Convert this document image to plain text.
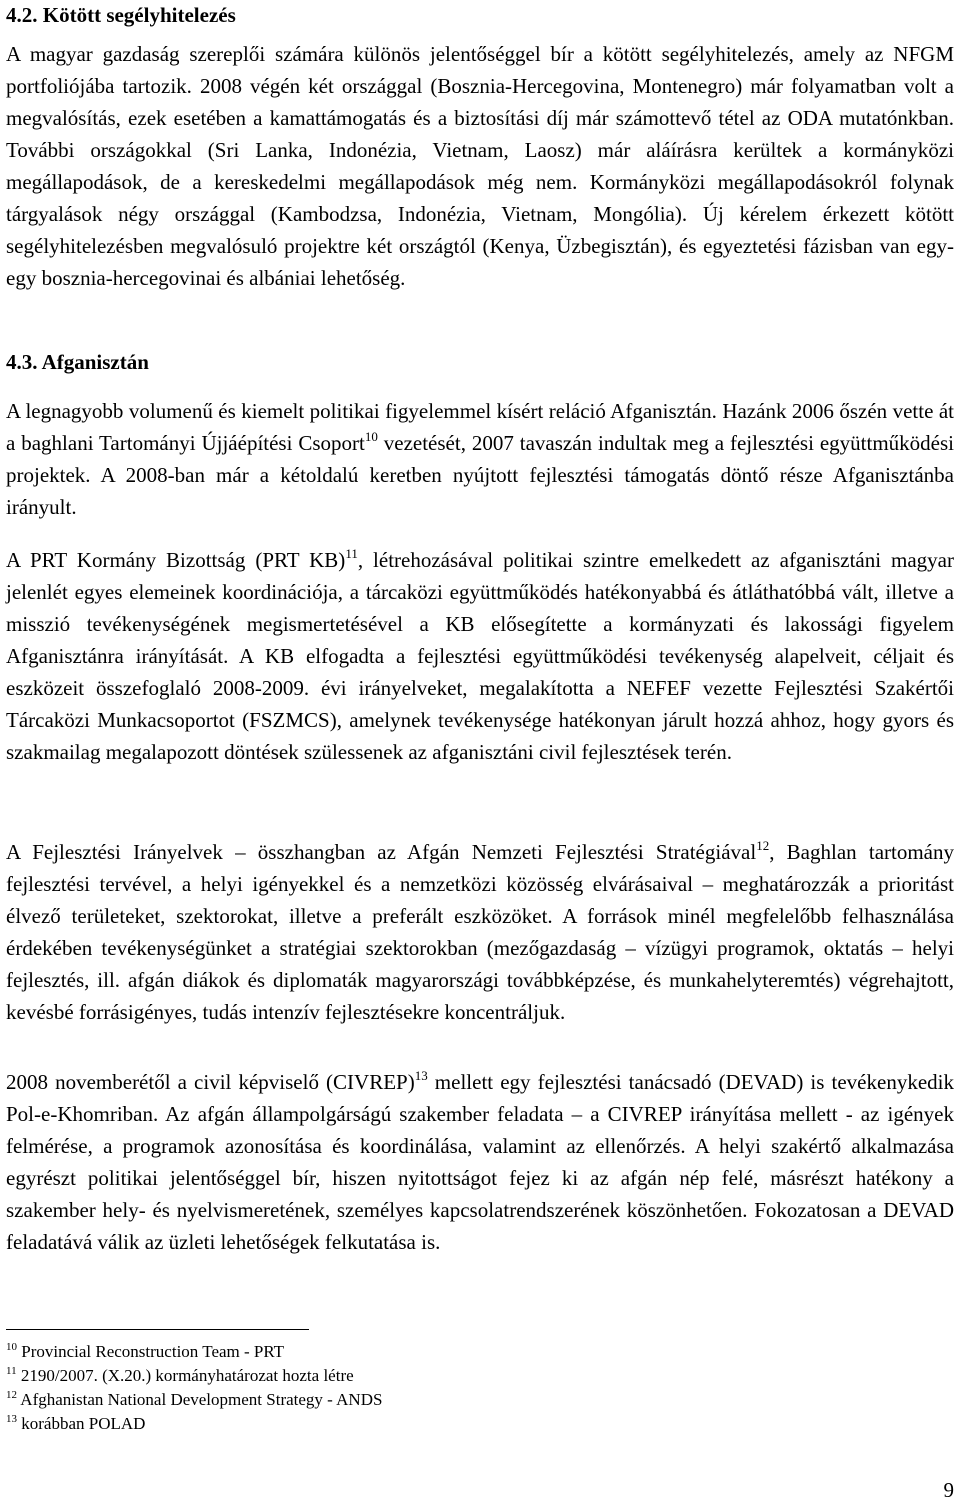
4.2. Kötött segélyhitelezés

A magyar gazdaság szereplői számára különös jelentőséggel bír a kötött segélyhitelezés, amely az NFGM portfoliójába tartozik. 2008 végén két országgal (Bosznia-Hercegovina, Montenegro) már folyamatban volt a megvalósítás, ezek esetében a kamattámogatás és a biztosítási díj már számottevő tétel az ODA mutatónkban. További országokkal (Sri Lanka, Indonézia, Vietnam, Laosz) már aláírásra kerültek a kormányközi megállapodások, de a kereskedelmi megállapodások még nem. Kormányközi megállapodásokról folynak tárgyalások négy országgal (Kambodzsa, Indonézia, Vietnam, Mongólia). Új kérelem érkezett kötött segélyhitelezésben megvalósuló projektre két országtól (Kenya, Üzbegisztán), és egyeztetési fázisban van egy-egy bosznia-hercegovinai és albániai lehetőség.

4.3. Afganisztán

A legnagyobb volumenű és kiemelt politikai figyelemmel kísért reláció Afganisztán. Hazánk 2006 őszén vette át a baghlani Tartományi Újjáépítési Csoport$^{10}$ vezetését, 2007 tavaszán indultak meg a fejlesztési együttműködési projektek. A 2008-ban már a kétoldalú keretben nyújtott fejlesztési támogatás döntő része Afganisztánba irányult.

A PRT Kormány Bizottság (PRT KB)$^{11}$, létrehozásával politikai szintre emelkedett az afganisztáni magyar jelenlét egyes elemeinek koordinációja, a tárcaközi együttműködés hatékonyabbá és átláthatóbbá vált, illetve a misszió tevékenységének megismertetésével a KB elősegítette a kormányzati és lakossági figyelem Afganisztánra irányítását. A KB elfogadta a fejlesztési együttműködési tevékenység alapelveit, céljait és eszközeit összefoglaló 2008-2009. évi irányelveket, megalakította a NEFEF vezette Fejlesztési Szakértői Tárcaközi Munkacsoportot (FSZMCS), amelynek tevékenysége hatékonyan járult hozzá ahhoz, hogy gyors és szakmailag megalapozott döntések szülessenek az afganisztáni civil fejlesztések terén.

A Fejlesztési Irányelvek – összhangban az Afgán Nemzeti Fejlesztési Stratégiával$^{12}$, Baghlan tartomány fejlesztési tervével, a helyi igényekkel és a nemzetközi közösség elvárásaival – meghatározzák a prioritást élvező területeket, szektorokat, illetve a preferált eszközöket. A források minél megfelelőbb felhasználása érdekében tevékenységünket a stratégiai szektorokban (mezőgazdaság – vízügyi programok, oktatás – helyi fejlesztés, ill. afgán diákok és diplomaták magyarországi továbbképzése, és munkahelyteremtés) végrehajtott, kevésbé forrásigényes, tudás intenzív fejlesztésekre koncentráljuk.

2008 novemberétől a civil képviselő (CIVREP)$^{13}$ mellett egy fejlesztési tanácsadó (DEVAD) is tevékenykedik Pol-e-Khomriban. Az afgán állampolgárságú szakember feladata – a CIVREP irányítása mellett - az igények felmérése, a programok azonosítása és koordinálása, valamint az ellenőrzés. A helyi szakértő alkalmazása egyrészt politikai jelentőséggel bír, hiszen nyitottságot fejez ki az afgán nép felé, másrészt hatékony a szakember hely- és nyelvismeretének, személyes kapcsolatrendszerének köszönhetően. Fokozatosan a DEVAD feladatává válik az üzleti lehetőségek felkutatása is.

$^{10}$ Provincial Reconstruction Team - PRT
$^{11}$ 2190/2007. (X.20.) kormányhatározat hozta létre
$^{12}$ Afghanistan National Development Strategy - ANDS
$^{13}$ korábban POLAD
9
